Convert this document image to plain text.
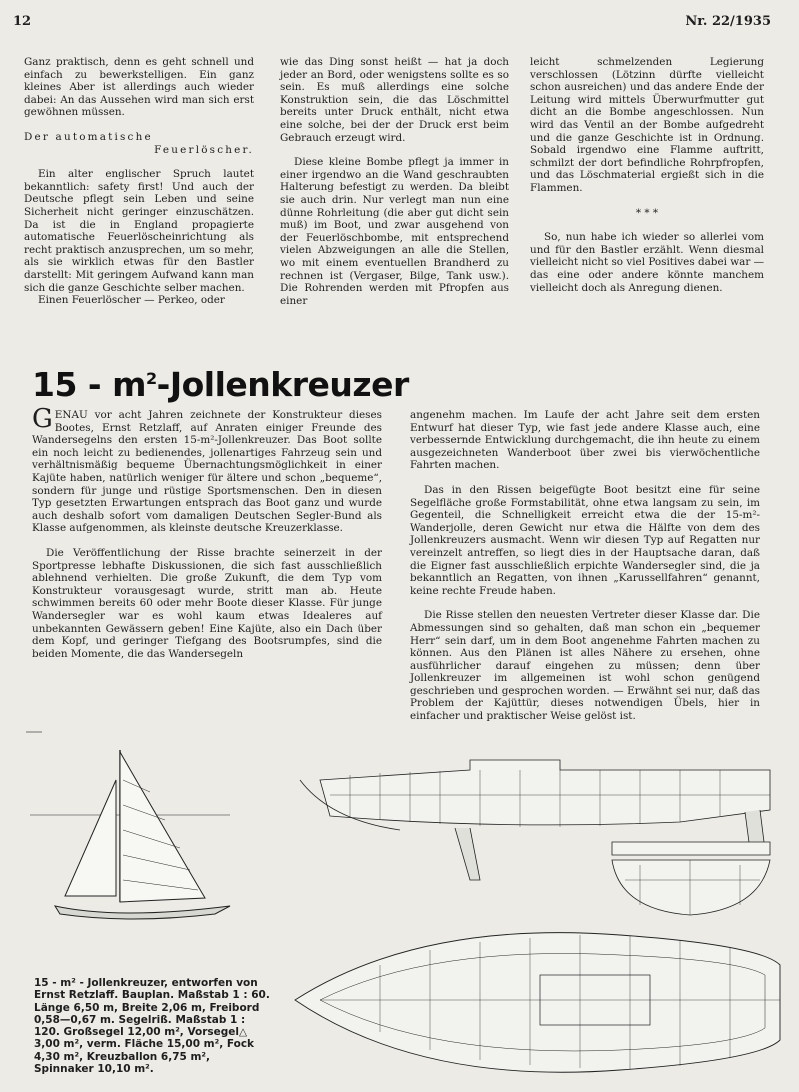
12	Nr. 22/1935

Ganz praktisch, denn es geht schnell und einfach zu bewerkstelligen. Ein ganz kleines Aber ist allerdings auch wieder dabei: An das Aussehen wird man sich erst gewöhnen müssen.

Der automatische

Feuerlöscher.

Ein alter englischer Spruch lautet bekanntlich: safety first! Und auch der Deutsche pflegt sein Leben und seine Sicherheit nicht geringer einzuschätzen. Da ist die in England propagierte automatische Feuerlöscheinrichtung als recht praktisch anzusprechen, um so mehr, als sie wirklich etwas für den Bastler darstellt: Mit geringem Aufwand kann man sich die ganze Geschichte selber machen.

Einen Feuerlöscher — Perkeo, oder

wie das Ding sonst heißt — hat ja doch jeder an Bord, oder wenigstens sollte es so sein. Es muß allerdings eine solche Konstruktion sein, die das Löschmittel bereits unter Druck enthält, nicht etwa eine solche, bei der der Druck erst beim Gebrauch erzeugt wird.

Diese kleine Bombe pflegt ja immer in einer irgendwo an die Wand geschraubten Halterung befestigt zu werden. Da bleibt sie auch drin. Nur verlegt man nun eine dünne Rohrleitung (die aber gut dicht sein muß) im Boot, und zwar ausgehend von der Feuerlöschbombe, mit entsprechend vielen Abzweigungen an alle die Stellen, wo mit einem eventuellen Brandherd zu rechnen ist (Vergaser, Bilge, Tank usw.). Die Rohrenden werden mit Pfropfen aus einer

leicht schmelzenden Legierung verschlossen (Lötzinn dürfte vielleicht schon ausreichen) und das andere Ende der Leitung wird mittels Überwurfmutter gut dicht an die Bombe angeschlossen. Nun wird das Ventil an der Bombe aufgedreht und die ganze Geschichte ist in Ordnung. Sobald irgendwo eine Flamme auftritt, schmilzt der dort befindliche Rohrpfropfen, und das Löschmaterial ergießt sich in die Flammen.

* * *

So, nun habe ich wieder so allerlei vom und für den Bastler erzählt. Wenn diesmal vielleicht nicht so viel Positives dabei war — das eine oder andere könnte manchem vielleicht doch als Anregung dienen.

$15 - m^2$-Jollenkreuzer

GENAU vor acht Jahren zeichnete der Konstrukteur dieses Bootes, Ernst Retzlaff, auf Anraten einiger Freunde des Wandersegelns den ersten 15-m²-Jollenkreuzer. Das Boot sollte ein noch leicht zu bedienendes, jollenartiges Fahrzeug sein und verhältnismäßig bequeme Übernachtungsmöglichkeit in einer Kajüte haben, natürlich weniger für ältere und schon „bequeme“, sondern für junge und rüstige Sportsmenschen. Den in diesen Typ gesetzten Erwartungen entsprach das Boot ganz und wurde auch deshalb sofort vom damaligen Deutschen Segler-Bund als Klasse aufgenommen, als kleinste deutsche Kreuzerklasse.

Die Veröffentlichung der Risse brachte seinerzeit in der Sportpresse lebhafte Diskussionen, die sich fast ausschließlich ablehnend verhielten. Die große Zukunft, die dem Typ vom Konstrukteur vorausgesagt wurde, stritt man ab. Heute schwimmen bereits 60 oder mehr Boote dieser Klasse. Für junge Wandersegler war es wohl kaum etwas Idealeres auf unbekannten Gewässern geben! Eine Kajüte, also ein Dach über dem Kopf, und geringer Tiefgang des Bootsrumpfes, sind die beiden Momente, die das Wandersegeln

angenehm machen. Im Laufe der acht Jahre seit dem ersten Entwurf hat dieser Typ, wie fast jede andere Klasse auch, eine verbessernde Entwicklung durchgemacht, die ihn heute zu einem ausgezeichneten Wanderboot über zwei bis vierwöchentliche Fahrten machen.

Das in den Rissen beigefügte Boot besitzt eine für seine Segelfläche große Formstabilität, ohne etwa langsam zu sein, im Gegenteil, die Schnelligkeit erreicht etwa die der 15-m²-Wanderjolle, deren Gewicht nur etwa die Hälfte von dem des Jollenkreuzers ausmacht. Wenn wir diesen Typ auf Regatten nur vereinzelt antreffen, so liegt dies in der Hauptsache daran, daß die Eigner fast ausschließlich erpichte Wandersegler sind, die ja bekanntlich an Regatten, von ihnen „Karussellfahren“ genannt, keine rechte Freude haben.

Die Risse stellen den neuesten Vertreter dieser Klasse dar. Die Abmessungen sind so gehalten, daß man schon ein „bequemer Herr“ sein darf, um in dem Boot angenehme Fahrten machen zu können. Aus den Plänen ist alles Nähere zu ersehen, ohne ausführlicher darauf eingehen zu müssen; denn über Jollenkreuzer im allgemeinen ist wohl schon genügend geschrieben und gesprochen worden. — Erwähnt sei nur, daß das Problem der Kajüttür, dieses notwendigen Übels, hier in einfacher und praktischer Weise gelöst ist.

15 - m² - Jollenkreuzer, entworfen von Ernst Retzlaff. Bauplan. Maßstab 1 : 60. Länge 6,50 m, Breite 2,06 m, Freibord 0,58—0,67 m. Segelriß. Maßstab 1 : 120. Großsegel 12,00 m², Vorsegel△ 3,00 m², verm. Fläche 15,00 m², Fock 4,30 m², Kreuzballon 6,75 m², Spinnaker 10,10 m².
